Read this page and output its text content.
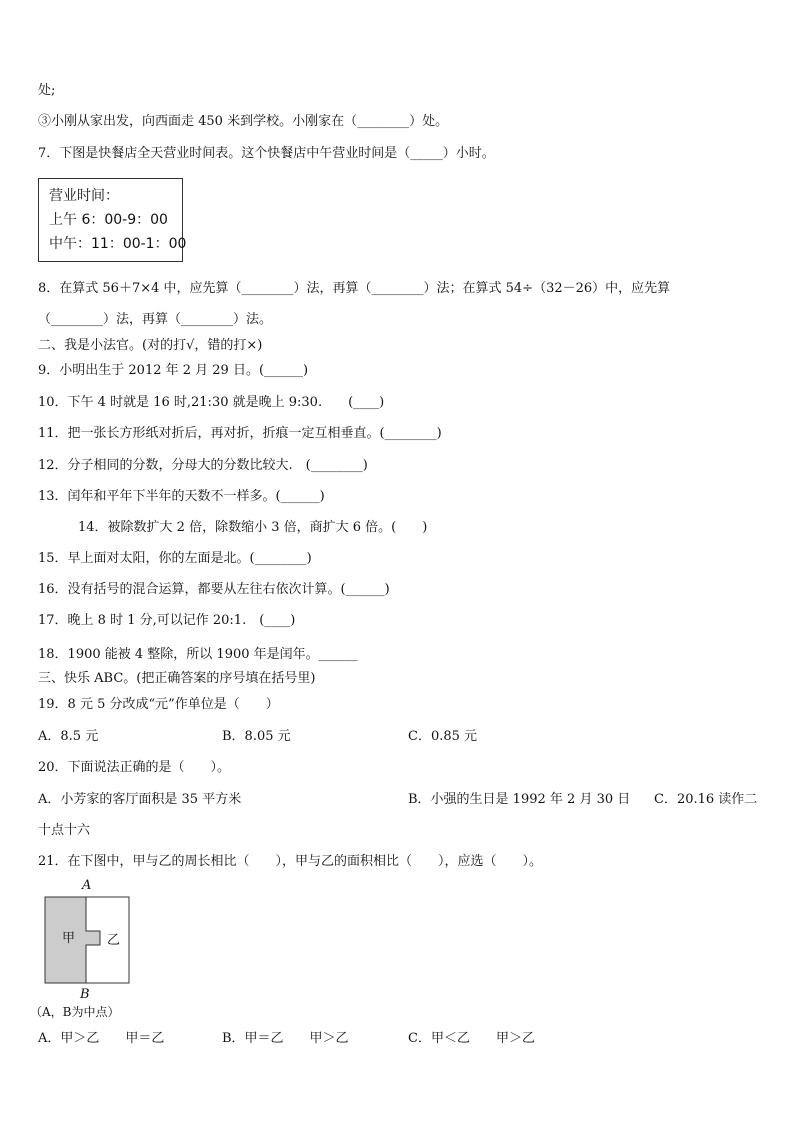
处;
③小刚从家出发，向西面走 450 米到学校。小刚家在（________）处。
7．下图是快餐店全天营业时间表。这个快餐店中午营业时间是（_____）小时。
营业时间：
上午 6：00-9：00
中午：11：00-1：00
8．在算式 56＋7×4 中，应先算（________）法，再算（________）法；在算式 54÷（32－26）中，应先算
（________）法，再算（________）法。
二、我是小法官。(对的打√，错的打×)
9．小明出生于 2012 年 2 月 29 日。(______)
10．下午 4 时就是 16 时,21:30 就是晚上 9:30.　　(____)
11．把一张长方形纸对折后，再对折，折痕一定互相垂直。(________)
12．分子相同的分数，分母大的分数比较大.　(________)
13．闰年和平年下半年的天数不一样多。(______)
14．被除数扩大 2 倍，除数缩小 3 倍，商扩大 6 倍。(　　)
15．早上面对太阳，你的左面是北。(________)
16．没有括号的混合运算，都要从左往右依次计算。(______)
17．晚上 8 时 1 分,可以记作 20:1.　(____)
18．1900 能被 4 整除，所以 1900 年是闰年。______
三、快乐 ABC。(把正确答案的序号填在括号里)
19．8 元 5 分改成“元”作单位是（　　）
A．8.5 元	B．8.05 元	C．0.85 元
20．下面说法正确的是（　　）。
A．小芳家的客厅面积是 35 平方米	B．小强的生日是 1992 年 2 月 30 日 C．20.16 读作二
十点十六
21．在下图中，甲与乙的周长相比（　　），甲与乙的面积相比（　　），应选（　　）。
A
甲 乙
B
（A，B为中点）
A．甲＞乙　　甲＝乙	B．甲＝乙　　甲＞乙	C．甲＜乙　　甲＞乙
